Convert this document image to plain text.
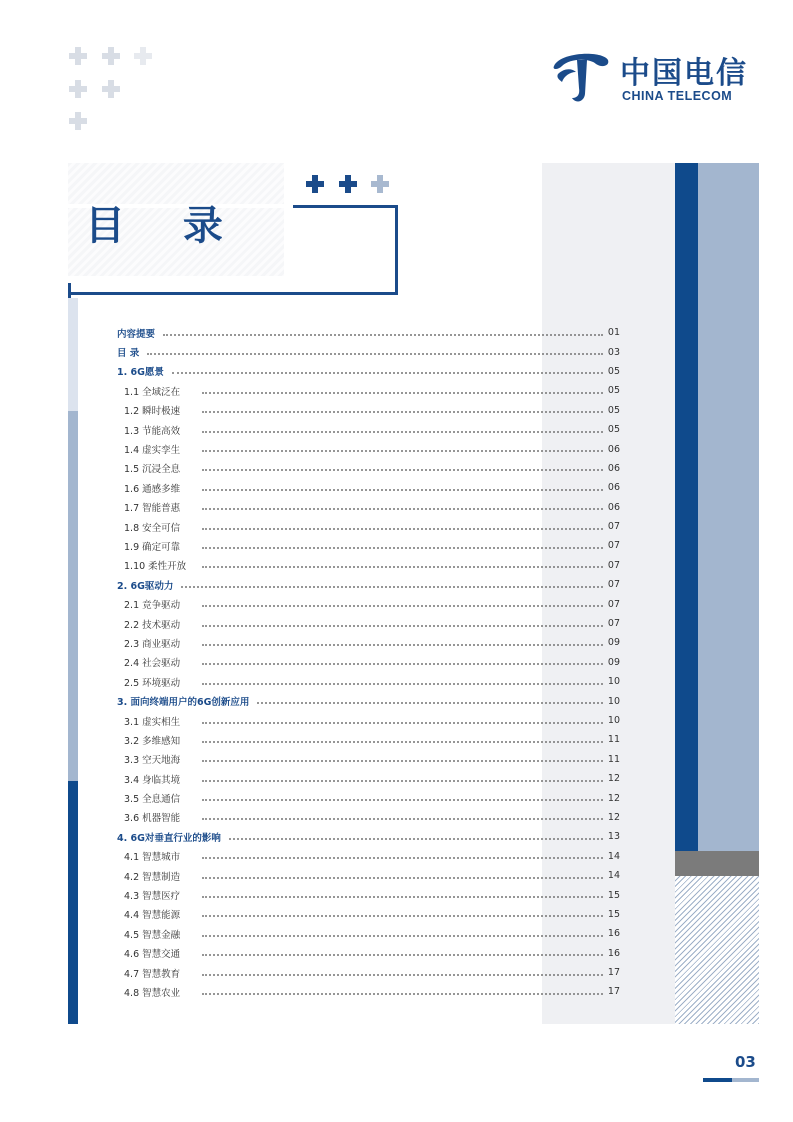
中国电信
CHINA TELECOM
目 录
内容提要	01
目 录	03
1. 6G愿景	05
1.1 全域泛在	05
1.2 瞬时极速	05
1.3 节能高效	05
1.4 虚实孪生	06
1.5 沉浸全息	06
1.6 通感多维	06
1.7 智能普惠	06
1.8 安全可信	07
1.9 确定可靠	07
1.10 柔性开放	07
2. 6G驱动力	07
2.1 竞争驱动	07
2.2 技术驱动	07
2.3 商业驱动	09
2.4 社会驱动	09
2.5 环境驱动	10
3. 面向终端用户的6G创新应用	10
3.1 虚实相生	10
3.2 多维感知	11
3.3 空天地海	11
3.4 身临其境	12
3.5 全息通信	12
3.6 机器智能	12
4. 6G对垂直行业的影响	13
4.1 智慧城市	14
4.2 智慧制造	14
4.3 智慧医疗	15
4.4 智慧能源	15
4.5 智慧金融	16
4.6 智慧交通	16
4.7 智慧教育	17
4.8 智慧农业	17
03
